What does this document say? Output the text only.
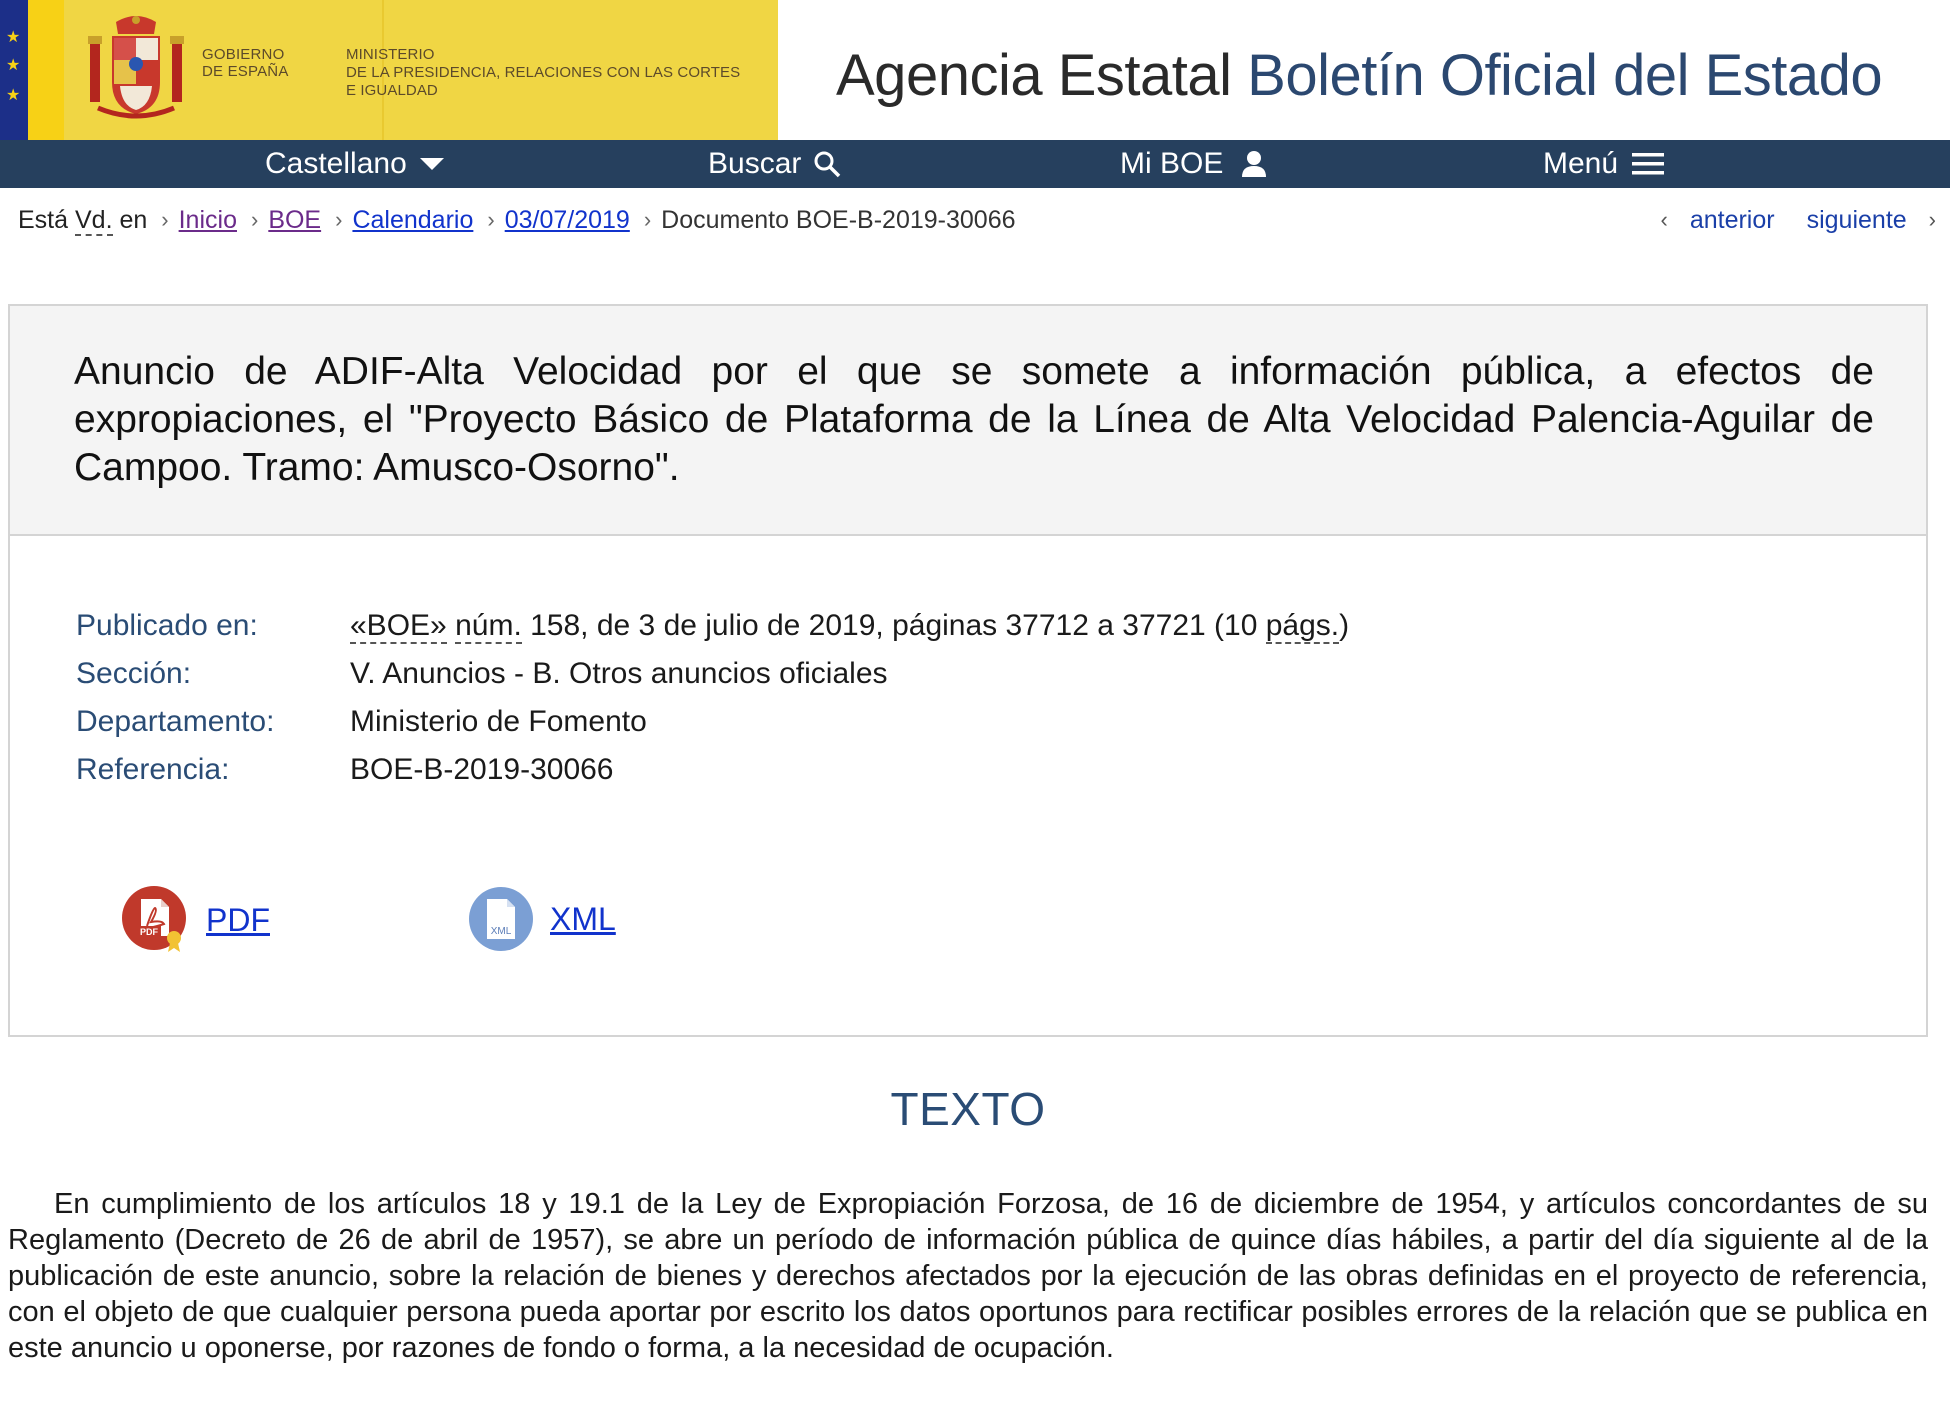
★
★
★
GOBIERNO
DE ESPAÑA
MINISTERIO
DE LA PRESIDENCIA, RELACIONES CON LAS CORTES
E IGUALDAD	Agencia Estatal Boletín Oficial del Estado
Castellano	Buscar	Mi BOE	Menú
Está Vd. en › Inicio › BOE › Calendario › 03/07/2019 › Documento BOE-B-2019-30066	‹ anterior siguiente ›
Anuncio de ADIF-Alta Velocidad por el que se somete a información pública, a efectos de expropiaciones, el "Proyecto Básico de Plataforma de la Línea de Alta Velocidad Palencia-Aguilar de Campoo. Tramo: Amusco-Osorno".
Publicado en:	«BOE» núm. 158, de 3 de julio de 2019, páginas 37712 a 37721 (10 págs.)
Sección:	V. Anuncios - B. Otros anuncios oficiales
Departamento:	Ministerio de Fomento
Referencia:	BOE-B-2019-30066
PDF PDF	XML XML
TEXTO

En cumplimiento de los artículos 18 y 19.1 de la Ley de Expropiación Forzosa, de 16 de diciembre de 1954, y artículos concordantes de su Reglamento (Decreto de 26 de abril de 1957), se abre un período de información pública de quince días hábiles, a partir del día siguiente al de la publicación de este anuncio, sobre la relación de bienes y derechos afectados por la ejecución de las obras definidas en el proyecto de referencia, con el objeto de que cualquier persona pueda aportar por escrito los datos oportunos para rectificar posibles errores de la relación que se publica en este anuncio u oponerse, por razones de fondo o forma, a la necesidad de ocupación.
